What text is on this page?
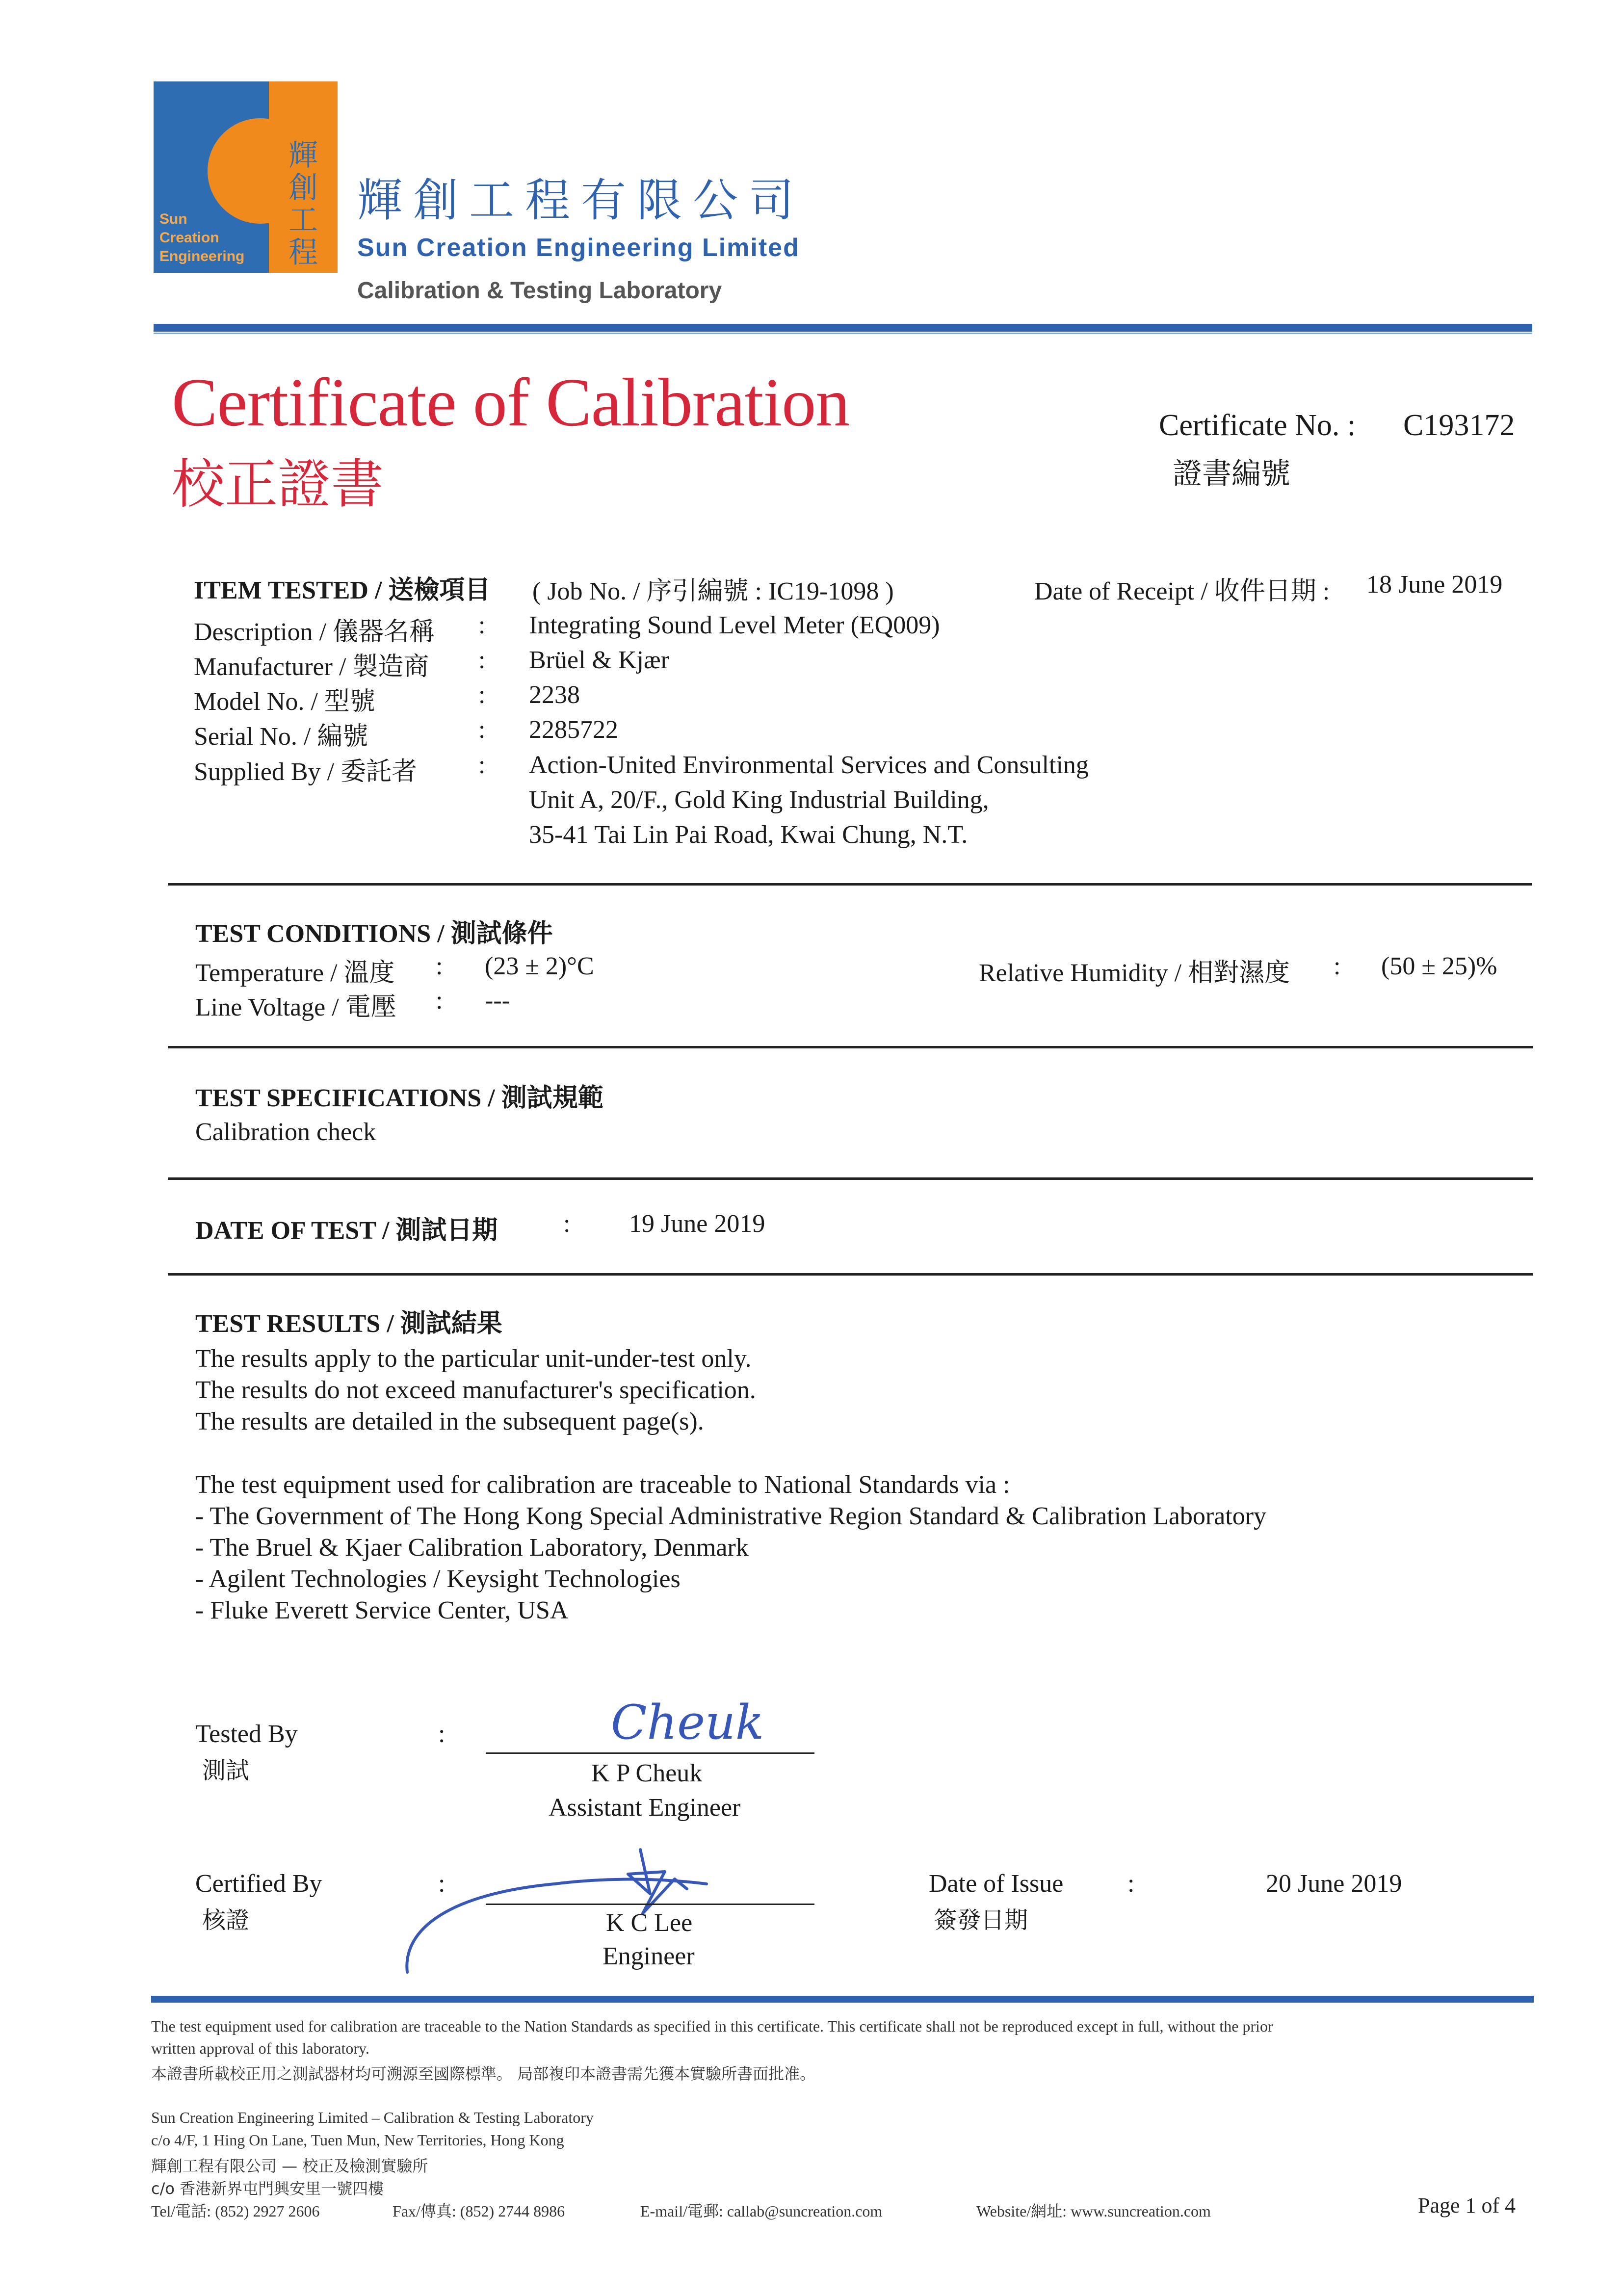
Sun
Creation
Engineering
輝
創
工
程
輝創工程有限公司
Sun Creation Engineering Limited
Calibration & Testing Laboratory
Certificate of Calibration
校正證書
Certificate No. : C193172
證書編號
ITEM TESTED / 送檢項目 ( Job No. / 序引編號 : IC19-1098 )	Date of Receipt / 收件日期 : 18 June 2019
Description / 儀器名稱 : Integrating Sound Level Meter (EQ009)
Manufacturer / 製造商 : Brüel & Kjær
Model No. / 型號	: 2238
Serial No. / 編號	: 2285722
Supplied By / 委託者 : Action-United Environmental Services and Consulting
Unit A, 20/F., Gold King Industrial Building,
35-41 Tai Lin Pai Road, Kwai Chung, N.T.
TEST CONDITIONS / 測試條件
Temperature / 溫度 : (23 ± 2)°C	Relative Humidity / 相對濕度 : (50 ± 25)%
Line Voltage / 電壓 : ---
TEST SPECIFICATIONS / 測試規範
Calibration check
DATE OF TEST / 測試日期	: 19 June 2019
TEST RESULTS / 測試結果
The results apply to the particular unit-under-test only.
The results do not exceed manufacturer's specification.
The results are detailed in the subsequent page(s).
The test equipment used for calibration are traceable to National Standards via :
- The Government of The Hong Kong Special Administrative Region Standard & Calibration Laboratory
- The Bruel & Kjaer Calibration Laboratory, Denmark
- Agilent Technologies / Keysight Technologies
- Fluke Everett Service Center, USA
Tested By
測試
:	Cheuk
K P Cheuk
Assistant Engineer
Certified By
核證
:
K C Lee
Engineer
Date of Issue
簽發日期
:	20 June 2019
The test equipment used for calibration are traceable to the Nation Standards as specified in this certificate. This certificate shall not be reproduced except in full, without the prior
written approval of this laboratory.
本證書所載校正用之測試器材均可溯源至國際標準。 局部複印本證書需先獲本實驗所書面批准。
Sun Creation Engineering Limited – Calibration & Testing Laboratory
c/o 4/F, 1 Hing On Lane, Tuen Mun, New Territories, Hong Kong
輝創工程有限公司 — 校正及檢測實驗所
c/o 香港新界屯門興安里一號四樓
Tel/電話: (852) 2927 2606	Fax/傳真: (852) 2744 8986	E-mail/電郵: callab@suncreation.com	Website/網址: www.suncreation.com	Page 1 of 4
